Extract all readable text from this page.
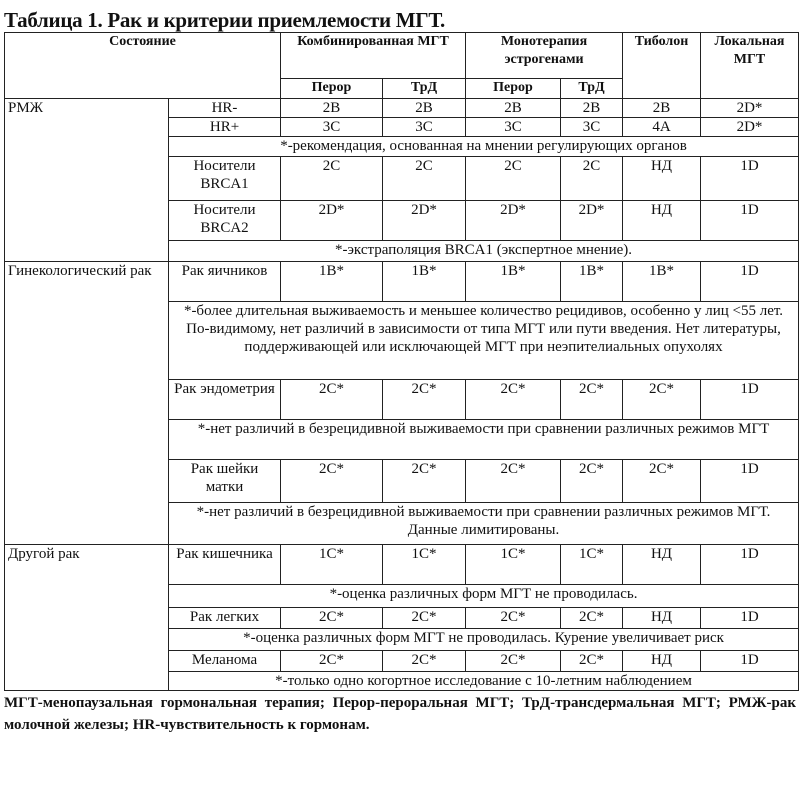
Таблица 1. Рак и критерии приемлемости МГТ.
Состояние		Комбинированная МГТ		Монотерапия эстрогенами		Тиболон	Локальная МГТ
		Перор	ТрД	Перор	ТрД		
РМЖ	HR-	2B	2B	2B	2B	2B	2D*
	HR+	3C	3C	3C	3C	4A	2D*
	*-рекомендация, основанная на мнении регулирующих органов						
	Носители BRCA1	2C	2C	2C	2C	НД	1D
	Носители BRCA2	2D*	2D*	2D*	2D*	НД	1D
	*-экстраполяция BRCA1 (экспертное мнение).						
Гинекологический рак	Рак яичников	1B*	1B*	1B*	1B*	1B*	1D
	*-более длительная выживаемость и меньшее количество рецидивов, особенно у лиц <55 лет. По-видимому, нет различий в зависимости от типа МГТ или пути введения. Нет литературы, поддерживающей или исключающей МГТ при неэпителиальных опухолях						
	Рак эндометрия	2C*	2C*	2C*	2C*	2C*	1D
	*-нет различий в безрецидивной выживаемости при сравнении различных режимов МГТ						
	Рак шейки матки	2C*	2C*	2C*	2C*	2C*	1D
	*-нет различий в безрецидивной выживаемости при сравнении различных режимов МГТ. Данные лимитированы.						
Другой рак	Рак кишечника	1C*	1C*	1C*	1C*	НД	1D
	*-оценка различных форм МГТ не проводилась.						
	Рак легких	2C*	2C*	2C*	2C*	НД	1D
	*-оценка различных форм МГТ не проводилась. Курение увеличивает риск						
	Меланома	2C*	2C*	2C*	2C*	НД	1D
	*-только одно когортное исследование с 10-летним наблюдением						
МГТ-менопаузальная гормональная терапия; Перор-пероральная МГТ; ТрД-трансдермальная МГТ; РМЖ-рак молочной железы; HR-чувствительность к гормонам.
